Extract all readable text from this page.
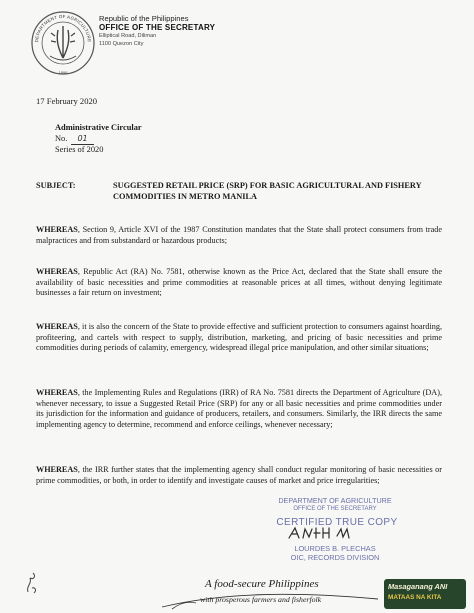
1898
DEPARTMENT OF AGRICULTURE
Republic of the Philippines
OFFICE OF THE SECRETARY
Elliptical Road, Diliman
1100 Quezon City
17 February 2020
Administrative Circular
No. 01
Series of 2020
SUBJECT:	SUGGESTED RETAIL PRICE (SRP) FOR BASIC AGRICULTURAL AND FISHERY COMMODITIES IN METRO MANILA
WHEREAS, Section 9, Article XVI of the 1987 Constitution mandates that the State shall protect consumers from trade malpractices and from substandard or hazardous products;
WHEREAS, Republic Act (RA) No. 7581, otherwise known as the Price Act, declared that the State shall ensure the availability of basic necessities and prime commodities at reasonable prices at all times, without denying legitimate businesses a fair return on investment;
WHEREAS, it is also the concern of the State to provide effective and sufficient protection to consumers against hoarding, profiteering, and cartels with respect to supply, distribution, marketing, and pricing of basic necessities and prime commodities during periods of calamity, emergency, widespread illegal price manipulation, and other similar situations;
WHEREAS, the Implementing Rules and Regulations (IRR) of RA No. 7581 directs the Department of Agriculture (DA), whenever necessary, to issue a Suggested Retail Price (SRP) for any or all basic necessities and prime commodities under its jurisdiction for the information and guidance of producers, retailers, and consumers. Similarly, the IRR directs the same implementing agency to determine, recommend and enforce ceilings, whenever necessary;
WHEREAS, the IRR further states that the implementing agency shall conduct regular monitoring of basic necessities or prime commodities, or both, in order to identify and investigate causes of market and price irregularities;
DEPARTMENT OF AGRICULTURE
OFFICE OF THE SECRETARY
CERTIFIED TRUE COPY
LOURDES B. PLECHAS
OIC, RECORDS DIVISION
A food-secure Philippines
with prosperous farmers and fisherfolk
Masaganang ANI
MATAAS NA KITA
